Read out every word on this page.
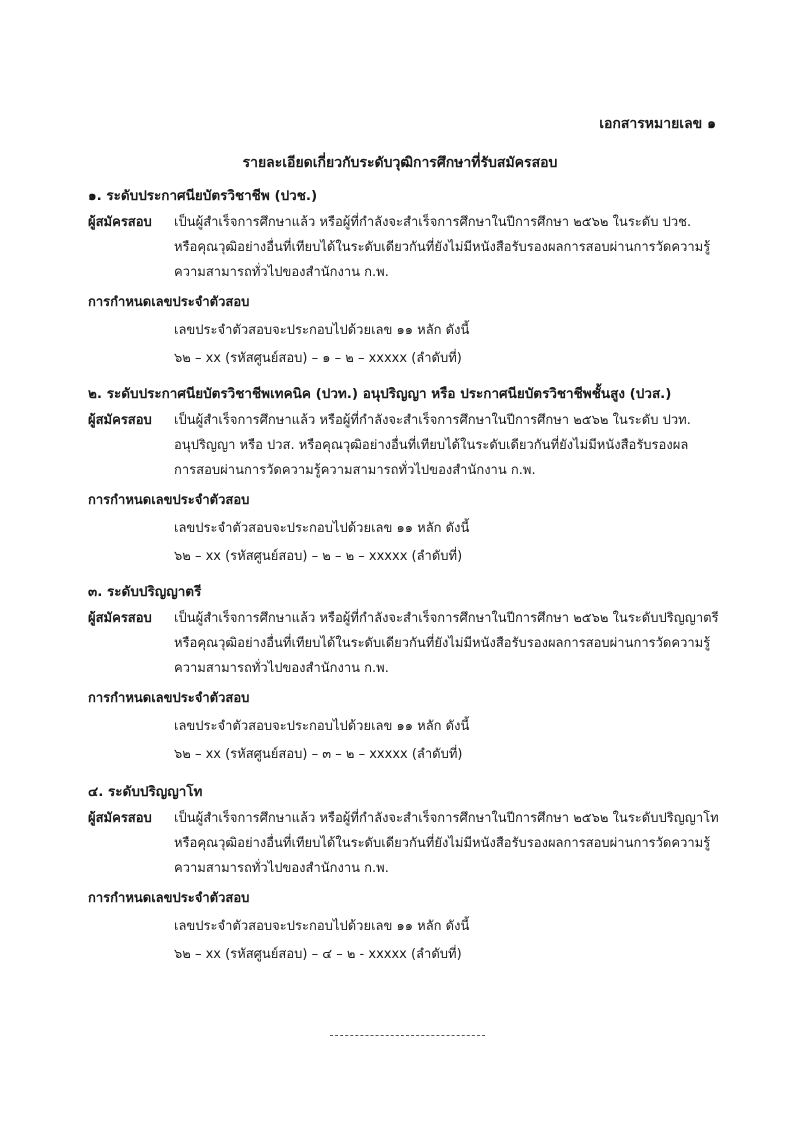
เอกสารหมายเลข ๑
รายละเอียดเกี่ยวกับระดับวุฒิการศึกษาที่รับสมัครสอบ
๑. ระดับประกาศนียบัตรวิชาชีพ (ปวช.)
ผู้สมัครสอบ	เป็นผู้สำเร็จการศึกษาแล้ว หรือผู้ที่กำลังจะสำเร็จการศึกษาในปีการศึกษา ๒๕๖๒ ในระดับ ปวช.
หรือคุณวุฒิอย่างอื่นที่เทียบได้ในระดับเดียวกันที่ยังไม่มีหนังสือรับรองผลการสอบผ่านการวัดความรู้
ความสามารถทั่วไปของสำนักงาน ก.พ.
การกำหนดเลขประจำตัวสอบ
เลขประจำตัวสอบจะประกอบไปด้วยเลข ๑๑ หลัก ดังนี้
๖๒ – xx (รหัสศูนย์สอบ) – ๑ – ๒ – xxxxx (ลำดับที่)
๒. ระดับประกาศนียบัตรวิชาชีพเทคนิค (ปวท.) อนุปริญญา หรือ ประกาศนียบัตรวิชาชีพชั้นสูง (ปวส.)
ผู้สมัครสอบ	เป็นผู้สำเร็จการศึกษาแล้ว หรือผู้ที่กำลังจะสำเร็จการศึกษาในปีการศึกษา ๒๕๖๒ ในระดับ ปวท.
อนุปริญญา หรือ ปวส. หรือคุณวุฒิอย่างอื่นที่เทียบได้ในระดับเดียวกันที่ยังไม่มีหนังสือรับรองผล
การสอบผ่านการวัดความรู้ความสามารถทั่วไปของสำนักงาน ก.พ.
การกำหนดเลขประจำตัวสอบ
เลขประจำตัวสอบจะประกอบไปด้วยเลข ๑๑ หลัก ดังนี้
๖๒ – xx (รหัสศูนย์สอบ) – ๒ – ๒ – xxxxx (ลำดับที่)
๓. ระดับปริญญาตรี
ผู้สมัครสอบ	เป็นผู้สำเร็จการศึกษาแล้ว หรือผู้ที่กำลังจะสำเร็จการศึกษาในปีการศึกษา ๒๕๖๒ ในระดับปริญญาตรี
หรือคุณวุฒิอย่างอื่นที่เทียบได้ในระดับเดียวกันที่ยังไม่มีหนังสือรับรองผลการสอบผ่านการวัดความรู้
ความสามารถทั่วไปของสำนักงาน ก.พ.
การกำหนดเลขประจำตัวสอบ
เลขประจำตัวสอบจะประกอบไปด้วยเลข ๑๑ หลัก ดังนี้
๖๒ – xx (รหัสศูนย์สอบ) – ๓ – ๒ – xxxxx (ลำดับที่)
๔. ระดับปริญญาโท
ผู้สมัครสอบ	เป็นผู้สำเร็จการศึกษาแล้ว หรือผู้ที่กำลังจะสำเร็จการศึกษาในปีการศึกษา ๒๕๖๒ ในระดับปริญญาโท
หรือคุณวุฒิอย่างอื่นที่เทียบได้ในระดับเดียวกันที่ยังไม่มีหนังสือรับรองผลการสอบผ่านการวัดความรู้
ความสามารถทั่วไปของสำนักงาน ก.พ.
การกำหนดเลขประจำตัวสอบ
เลขประจำตัวสอบจะประกอบไปด้วยเลข ๑๑ หลัก ดังนี้
๖๒ – xx (รหัสศูนย์สอบ) – ๔ – ๒ - xxxxx (ลำดับที่)
